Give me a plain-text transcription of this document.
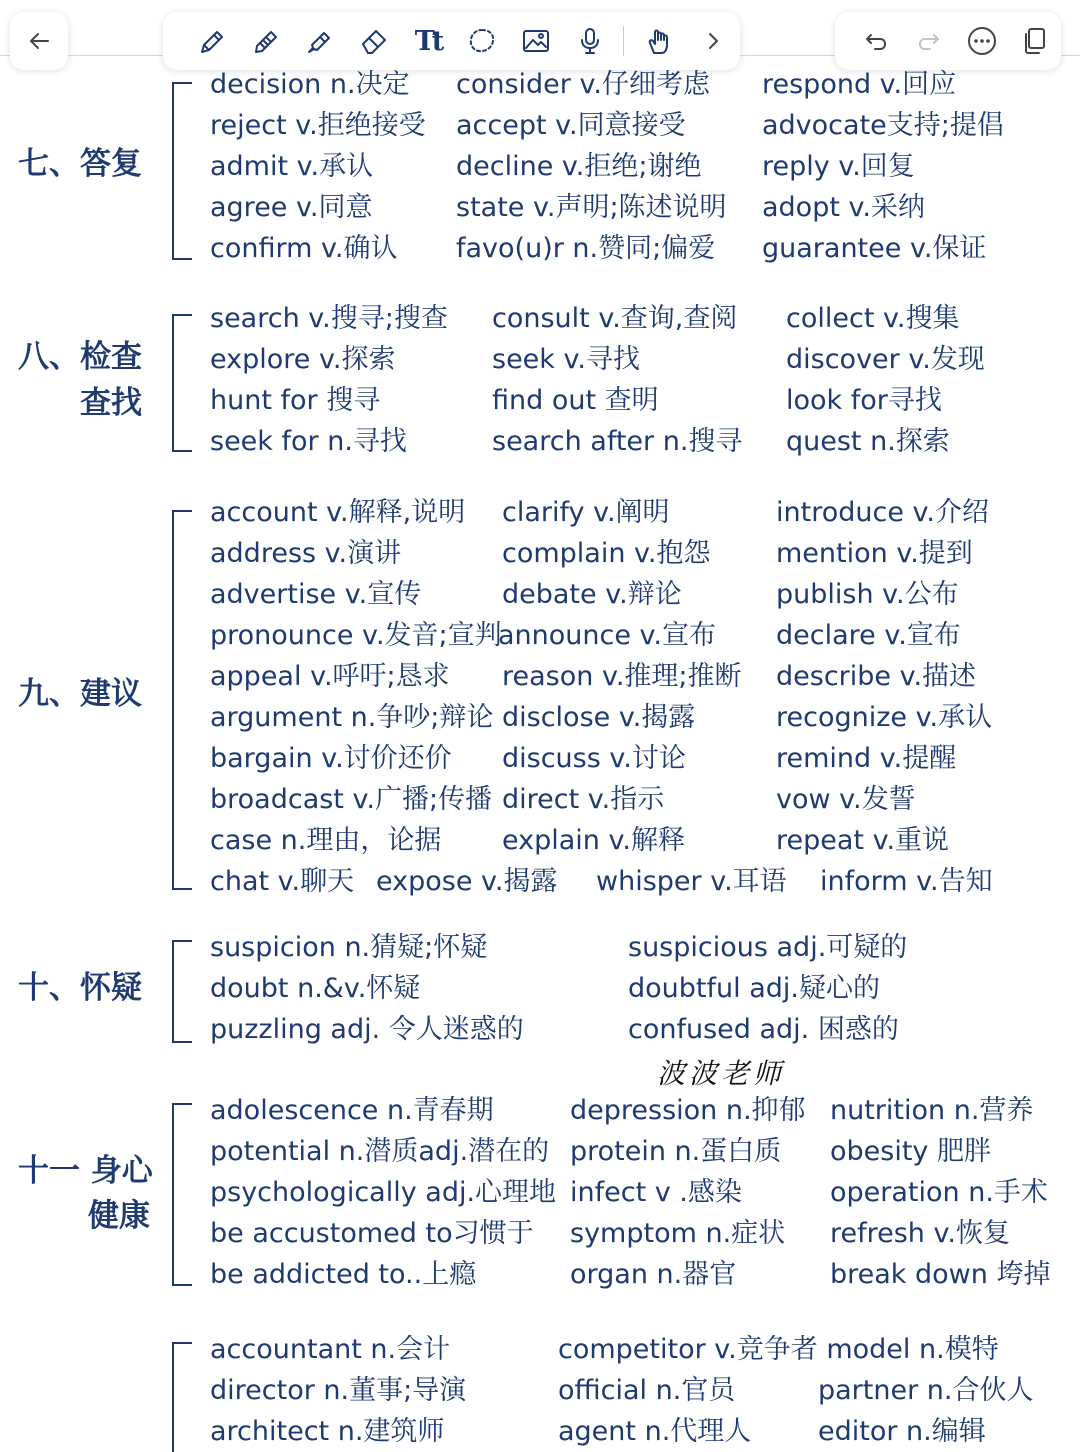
Tt
七、答复
decision n.决定
reject v.拒绝接受
admit v.承认
agree v.同意
confirm v.确认
consider v.仔细考虑
accept v.同意接受
decline v.拒绝;谢绝
state v.声明;陈述说明
favo(u)r n.赞同;偏爱
respond v.回应
advocate支持;提倡
reply v.回复
adopt v.采纳
guarantee v.保证
八、检查
查找
search v.搜寻;搜查
explore v.探索
hunt for 搜寻
seek for n.寻找
consult v.查询,查阅
seek v.寻找
find out 查明
search after n.搜寻
collect v.搜集
discover v.发现
look for寻找
quest n.探索
九、建议
account v.解释,说明
address v.演讲
advertise v.宣传
pronounce v.发音;宣判
appeal v.呼吁;恳求
argument n.争吵;辩论
bargain v.讨价还价
broadcast v.广播;传播
case n.理由，论据
clarify v.阐明
complain v.抱怨
debate v.辩论
reason v.推理;推断
disclose v.揭露
discuss v.讨论
direct v.指示
explain v.解释
announce v.宣布
introduce v.介绍
mention v.提到
publish v.公布
declare v.宣布
describe v.描述
recognize v.承认
remind v.提醒
vow v.发誓
repeat v.重说
chat v.聊天 expose v.揭露 whisper v.耳语 inform v.告知
十、怀疑
suspicion n.猜疑;怀疑
doubt n.&v.怀疑
puzzling adj. 令人迷惑的
suspicious adj.可疑的
doubtful adj.疑心的
confused adj. 困惑的
波波老师
十一 身心
健康
adolescence n.青春期
potential n.潜质adj.潜在的
psychologically adj.心理地
be accustomed to习惯于
be addicted to..上瘾
depression n.抑郁
protein n.蛋白质
infect v .感染
symptom n.症状
organ n.器官
nutrition n.营养
obesity 肥胖
operation n.手术
refresh v.恢复
break down 垮掉
accountant n.会计
director n.董事;导演
architect n.建筑师
competitor v.竞争者 model n.模特
official n.官员
agent n.代理人
partner n.合伙人
editor n.编辑
